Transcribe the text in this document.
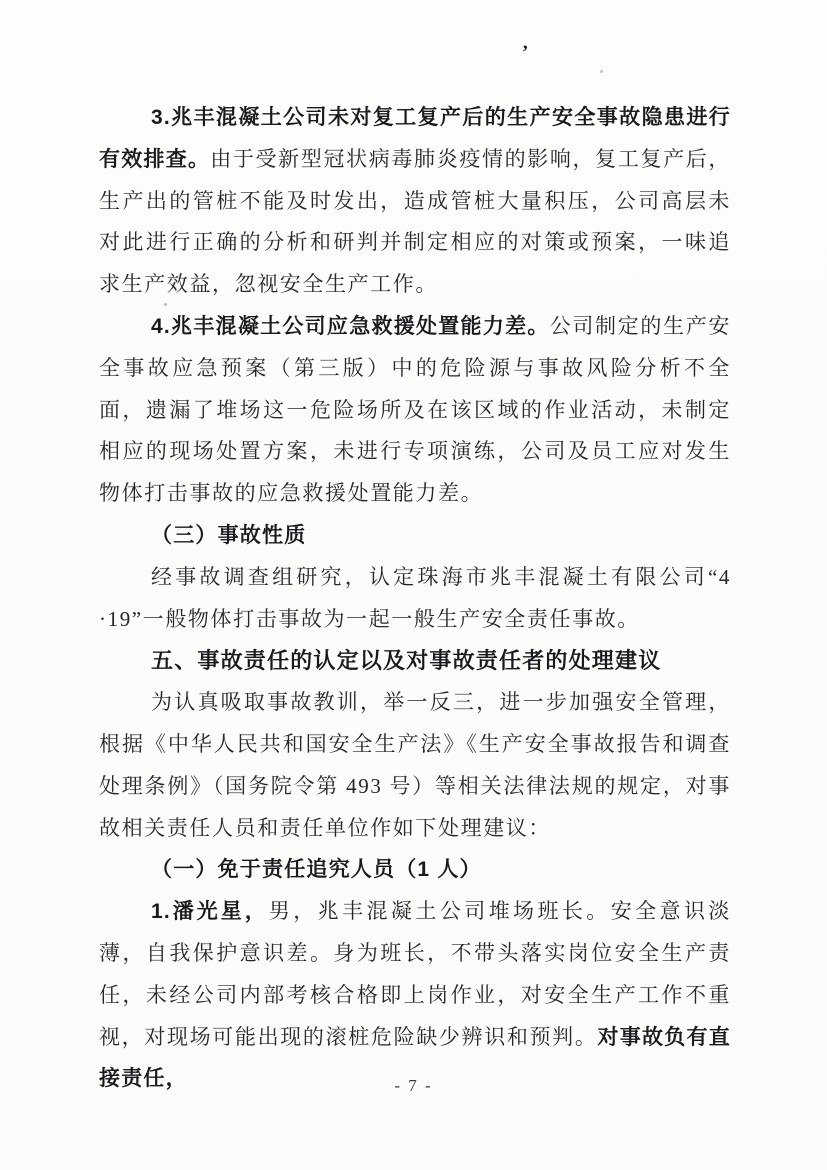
’

3.兆丰混凝土公司未对复工复产后的生产安全事故隐患进行有效排查。由于受新型冠状病毒肺炎疫情的影响，复工复产后，生产出的管桩不能及时发出，造成管桩大量积压，公司高层未对此进行正确的分析和研判并制定相应的对策或预案，一味追求生产效益，忽视安全生产工作。

4.兆丰混凝土公司应急救援处置能力差。公司制定的生产安全事故应急预案（第三版）中的危险源与事故风险分析不全面，遗漏了堆场这一危险场所及在该区域的作业活动，未制定相应的现场处置方案，未进行专项演练，公司及员工应对发生物体打击事故的应急救援处置能力差。

（三）事故性质

经事故调查组研究，认定珠海市兆丰混凝土有限公司“4 ·19”一般物体打击事故为一起一般生产安全责任事故。

五、事故责任的认定以及对事故责任者的处理建议

为认真吸取事故教训，举一反三，进一步加强安全管理，根据《中华人民共和国安全生产法》《生产安全事故报告和调查处理条例》（国务院令第 493 号）等相关法律法规的规定，对事故相关责任人员和责任单位作如下处理建议：

（一）免于责任追究人员（1 人）

1.潘光星，男，兆丰混凝土公司堆场班长。安全意识淡薄，自我保护意识差。身为班长，不带头落实岗位安全生产责任，未经公司内部考核合格即上岗作业，对安全生产工作不重视，对现场可能出现的滚桩危险缺少辨识和预判。对事故负有直接责任，	- 7 -
